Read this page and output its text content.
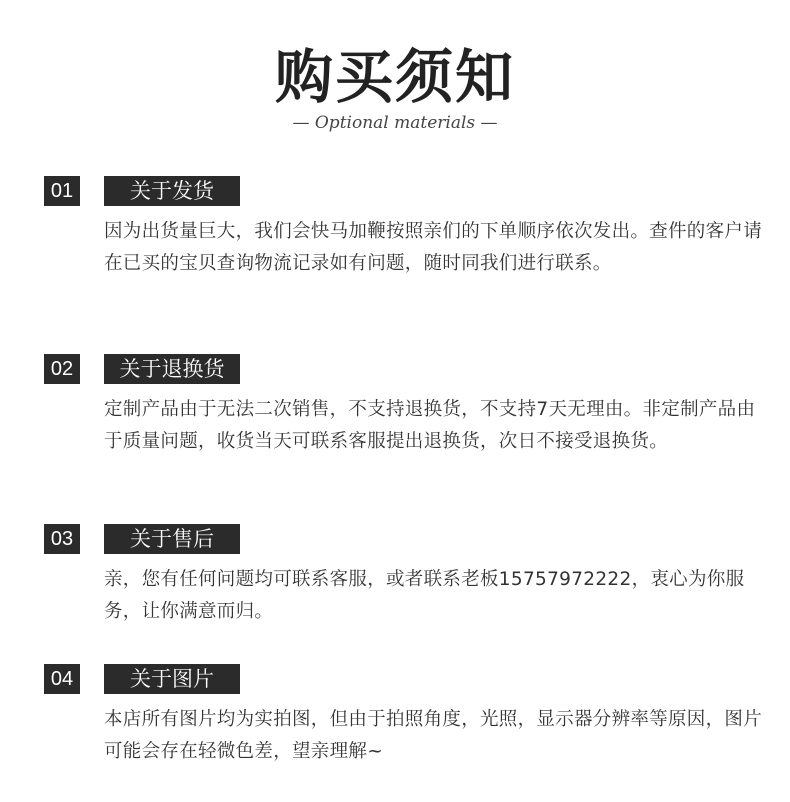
购买须知
— Optional materials —
01	关于发货
因为出货量巨大，我们会快马加鞭按照亲们的下单顺序依次发出。查件的客户请在已买的宝贝查询物流记录如有问题，随时同我们进行联系。
02	关于退换货
定制产品由于无法二次销售，不支持退换货，不支持7天无理由。非定制产品由于质量问题，收货当天可联系客服提出退换货，次日不接受退换货。
03	关于售后
亲，您有任何问题均可联系客服，或者联系老板15757972222，衷心为你服务，让你满意而归。
04	关于图片
本店所有图片均为实拍图，但由于拍照角度，光照，显示器分辨率等原因，图片可能会存在轻微色差，望亲理解~
